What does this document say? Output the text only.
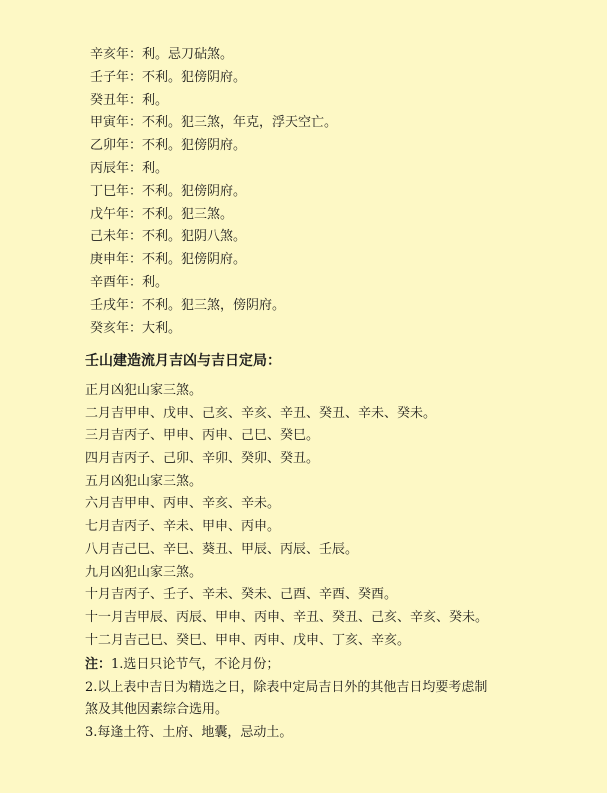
辛亥年：利。忌刀砧煞。
壬子年：不利。犯傍阴府。
癸丑年：利。
甲寅年：不利。犯三煞，年克，浮天空亡。
乙卯年：不利。犯傍阴府。
丙辰年：利。
丁巳年：不利。犯傍阴府。
戊午年：不利。犯三煞。
己未年：不利。犯阴八煞。
庚申年：不利。犯傍阴府。
辛酉年：利。
壬戌年：不利。犯三煞，傍阴府。
癸亥年：大利。
壬山建造流月吉凶与吉日定局：
正月凶犯山家三煞。
二月吉甲申、戊申、己亥、辛亥、辛丑、癸丑、辛未、癸未。
三月吉丙子、甲申、丙申、己巳、癸巳。
四月吉丙子、己卯、辛卯、癸卯、癸丑。
五月凶犯山家三煞。
六月吉甲申、丙申、辛亥、辛未。
七月吉丙子、辛未、甲申、丙申。
八月吉己巳、辛巳、葵丑、甲辰、丙辰、壬辰。
九月凶犯山家三煞。
十月吉丙子、壬子、辛未、癸未、己酉、辛酉、癸酉。
十一月吉甲辰、丙辰、甲申、丙申、辛丑、癸丑、己亥、辛亥、癸未。
十二月吉己巳、癸巳、甲申、丙申、戊申、丁亥、辛亥。
注：1.选日只论节气，不论月份；
2.以上表中吉日为精选之日，除表中定局吉日外的其他吉日均要考虑制
煞及其他因素综合选用。
3.每逢土符、土府、地囊，忌动土。
